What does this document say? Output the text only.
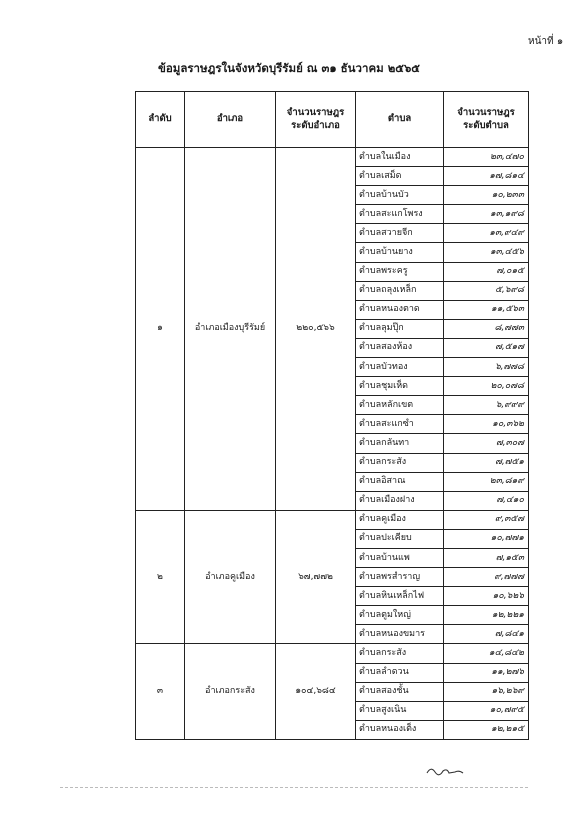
หน้าที่ ๑
ข้อมูลราษฎรในจังหวัดบุรีรัมย์ ณ ๓๑ ธันวาคม ๒๕๖๕
ลำดับ	อำเภอ	จำนวนราษฎร ระดับอำเภอ	ตำบล	จำนวนราษฎร ระดับตำบล
๑	อำเภอเมืองบุรีรัมย์	๒๒๐,๕๖๖	ตำบลในเมือง	๒๓,๔๗๐
			ตำบลเสม็ด	๑๗,๘๑๔
			ตำบลบ้านบัว	๑๐,๒๓๓
			ตำบลสะแกโพรง	๑๓,๑๙๘
			ตำบลสวายจีก	๑๓,๙๔๙
			ตำบลบ้านยาง	๑๓,๔๕๖
			ตำบลพระครู	๗,๐๑๕
			ตำบลถลุงเหล็ก	๕,๖๙๘
			ตำบลหนองตาด	๑๑,๕๖๓
			ตำบลลุมปุ๊ก	๘,๗๗๓
			ตำบลสองห้อง	๗,๕๑๗
			ตำบลบัวทอง	๖,๗๗๘
			ตำบลชุมเห็ด	๒๐,๐๗๘
			ตำบลหลักเขต	๖,๙๙๙
			ตำบลสะแกซำ	๑๐,๓๖๒
			ตำบลกลันทา	๗,๓๐๗
			ตำบลกระสัง	๗,๗๕๑
			ตำบลอิสาณ	๒๓,๘๑๙
			ตำบลเมืองฝาง	๗,๔๑๐
๒	อำเภอคูเมือง	๖๗,๗๗๒	ตำบลคูเมือง	๙,๓๕๗
			ตำบลปะเคียบ	๑๐,๗๗๑
			ตำบลบ้านแพ	๗,๑๕๓
			ตำบลพรสำราญ	๙,๗๗๗
			ตำบลหินเหล็กไฟ	๑๐,๖๒๖
			ตำบลตูมใหญ่	๑๒,๒๒๑
			ตำบลหนองขมาร	๗,๘๔๑
๓	อำเภอกระสัง	๑๐๔,๖๘๔	ตำบลกระสัง	๑๔,๘๔๒
			ตำบลลำดวน	๑๑,๒๗๖
			ตำบลสองชั้น	๑๖,๒๖๙
			ตำบลสูงเนิน	๑๐,๗๙๕
			ตำบลหนองเต็ง	๑๒,๒๑๕
